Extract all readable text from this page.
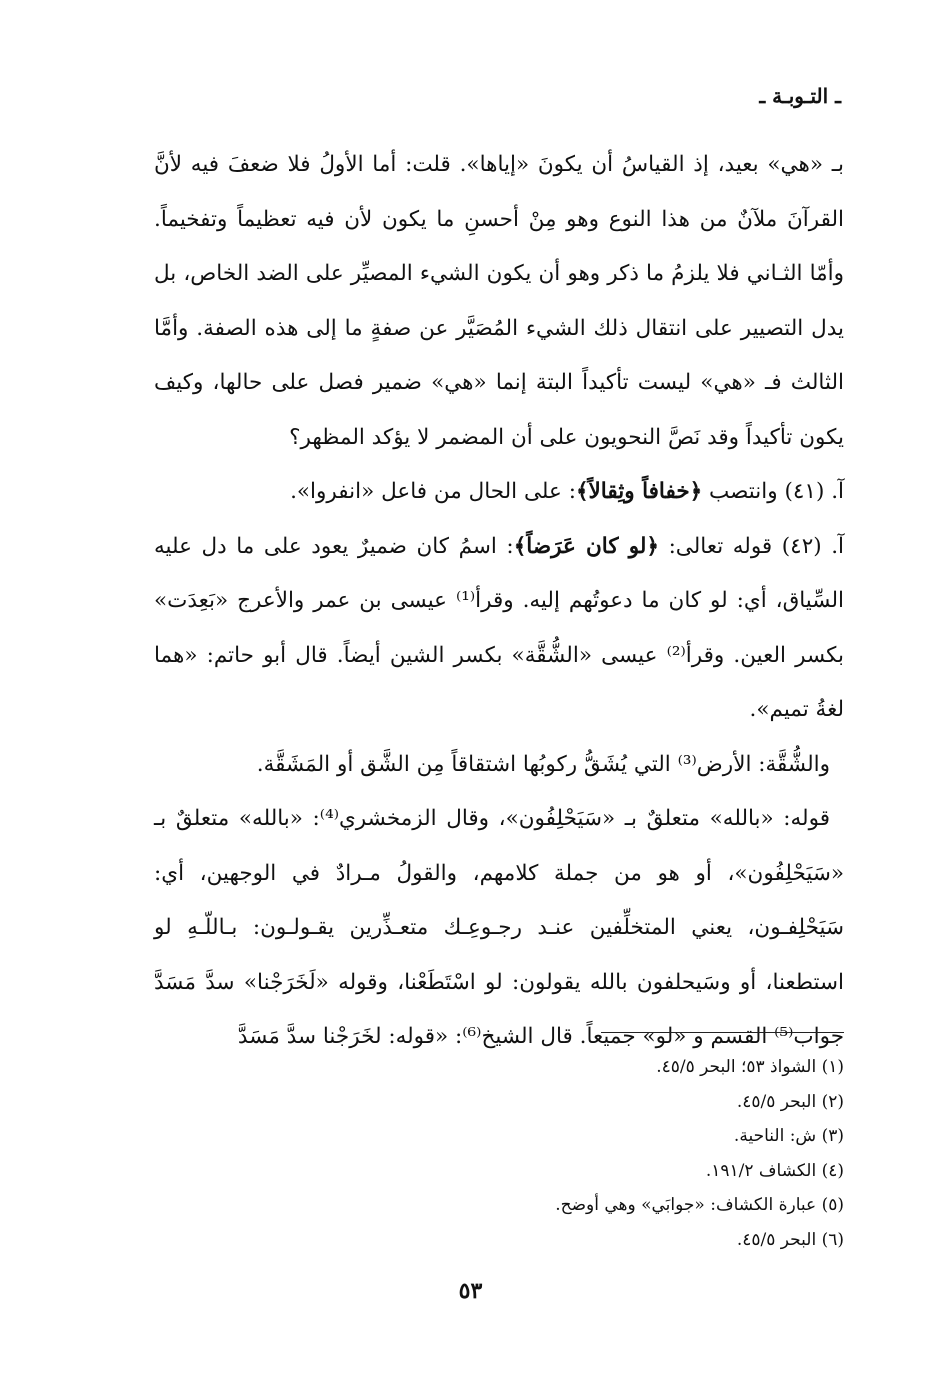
ـ التـوبـة ـ

بـ «هي» بعيد، إذ القياسُ أن يكونَ «إياها». قلت: أما الأولُ فلا ضعفَ فيه لأنَّ القرآنَ ملآنٌ من هذا النوع وهو مِنْ أحسنِ ما يكون لأن فيه تعظيماً وتفخيماً. وأمّا الثـاني فلا يلزمُ ما ذكر وهو أن يكون الشيء المصيِّر على الضد الخاص، بل يدل التصيير على انتقال ذلك الشيء المُصَيَّر عن صفةٍ ما إلى هذه الصفة. وأمَّا الثالث فـ «هي» ليست تأكيداً البتة إنما «هي» ضمير فصل على حالها، وكيف يكون تأكيداً وقد نَصَّ النحويون على أن المضمر لا يؤكد المظهر؟

آ. (٤١) وانتصب ﴿خفافاً وثِقالاً﴾: على الحال من فاعل «انفروا».

آ. (٤٢) قوله تعالى: ﴿لو كان عَرَضاً﴾: اسمُ كان ضميرٌ يعود على ما دل عليه السِّياق، أي: لو كان ما دعوتُهم إليه. وقرأ⁽¹⁾ عيسى بن عمر والأعرج «بَعِدَت» بكسر العين. وقرأ⁽²⁾ عيسى «الشُّقَّة» بكسر الشين أيضاً. قال أبو حاتم: «هما لغةُ تميم».

والشُّقَّة: الأرض⁽³⁾ التي يُشَقُّ ركوبُها اشتقاقاً مِن الشَّق أو المَشَقَّة.

قوله: «بالله» متعلقٌ بـ «سَيَحْلِفُون»، وقال الزمخشري⁽⁴⁾: «بالله» متعلقٌ بـ «سَيَحْلِفُون»، أو هو من جملة كلامهم، والقولُ مـرادٌ في الوجهين، أي: سَيَحْلِفـون، يعني المتخلِّفين عنـد رجـوعِـك متعـذِّرين يقـولـون: بـاللّـهِ لو استطعنا، أو وسَيحلفون بالله يقولون: لو اسْتَطَعْنا، وقوله «لَخَرَجْنا» سدَّ مَسَدَّ جواب⁽⁵⁾ القسم و «لو» جميعاً. قال الشيخ⁽⁶⁾: «قوله: لخَرَجْنا سدَّ مَسَدَّ

(١) الشواذ ٥٣؛ البحر ٤٥/٥.
(٢) البحر ٤٥/٥.
(٣) ش: الناحية.
(٤) الكشاف ١٩١/٢.
(٥) عبارة الكشاف: «جوابَي» وهي أوضح.
(٦) البحر ٤٥/٥.
٥٣
